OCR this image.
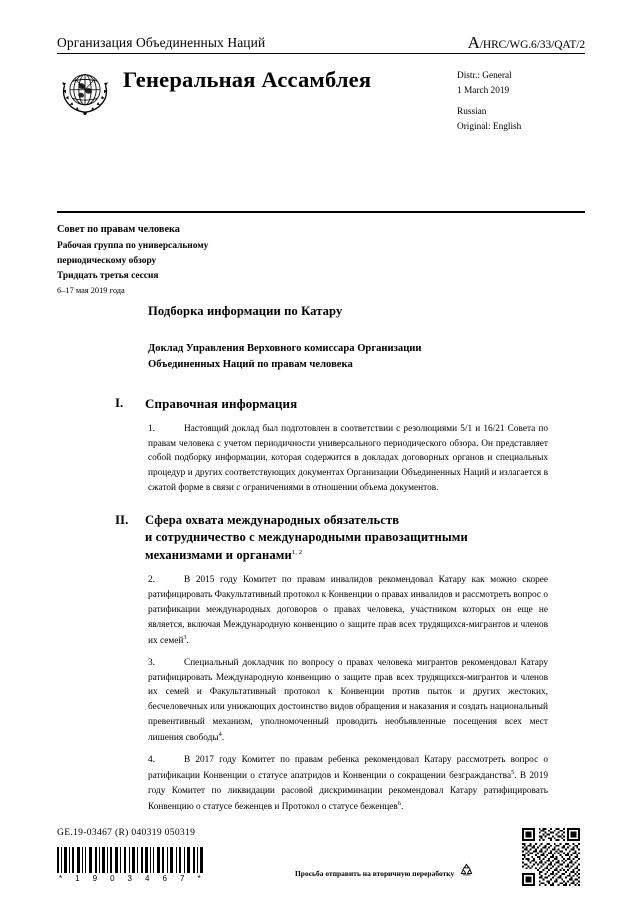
Организация Объединенных Наций	A/HRC/WG.6/33/QAT/2
Генеральная Ассамблея	Distr.: General
1 March 2019
Russian
Original: English
Совет по правам человека
Рабочая группа по универсальному
периодическому обзору
Тридцать третья сессия
6–17 мая 2019 года
Подборка информации по Катару
Доклад Управления Верховного комиссара Организации
Объединенных Наций по правам человека
I.	Справочная информация

1.	Настоящий доклад был подготовлен в соответствии с резолюциями 5/1 и 16/21 Совета по правам человека с учетом периодичности универсального периодического обзора. Он представляет собой подборку информации, которая содержится в докладах договорных органов и специальных процедур и других соответствующих документах Организации Объединенных Наций и излагается в сжатой форме в связи с ограничениями в отношении объема документов.

II.	Сфера охвата международных обязательств
и сотрудничество с международными правозащитными
механизмами и органами$^{1, 2}$

2.	В 2015 году Комитет по правам инвалидов рекомендовал Катару как можно скорее ратифицировать Факультативный протокол к Конвенции о правах инвалидов и рассмотреть вопрос о ратификации международных договоров о правах человека, участником которых он еще не является, включая Международную конвенцию о защите прав всех трудящихся-мигрантов и членов их семей$^3$.

3.	Специальный докладчик по вопросу о правах человека мигрантов рекомендовал Катару ратифицировать Международную конвенцию о защите прав всех трудящихся-мигрантов и членов их семей и Факультативный протокол к Конвенции против пыток и других жестоких, бесчеловечных или унижающих достоинство видов обращения и наказания и создать национальный превентивный механизм, уполномоченный проводить необъявленные посещения всех мест лишения свободы$^4$.

4.	В 2017 году Комитет по правам ребенка рекомендовал Катару рассмотреть вопрос о ратификации Конвенции о статусе апатридов и Конвенции о сокращении безгражданства$^5$. В 2019 году Комитет по ликвидации расовой дискриминации рекомендовал Катару ратифицировать Конвенцию о статусе беженцев и Протокол о статусе беженцев$^6$.

GE.19-03467 (R) 040319 050319
* 1 9 0 3 4 6 7 *
Просьба отправить на вторичную переработку
